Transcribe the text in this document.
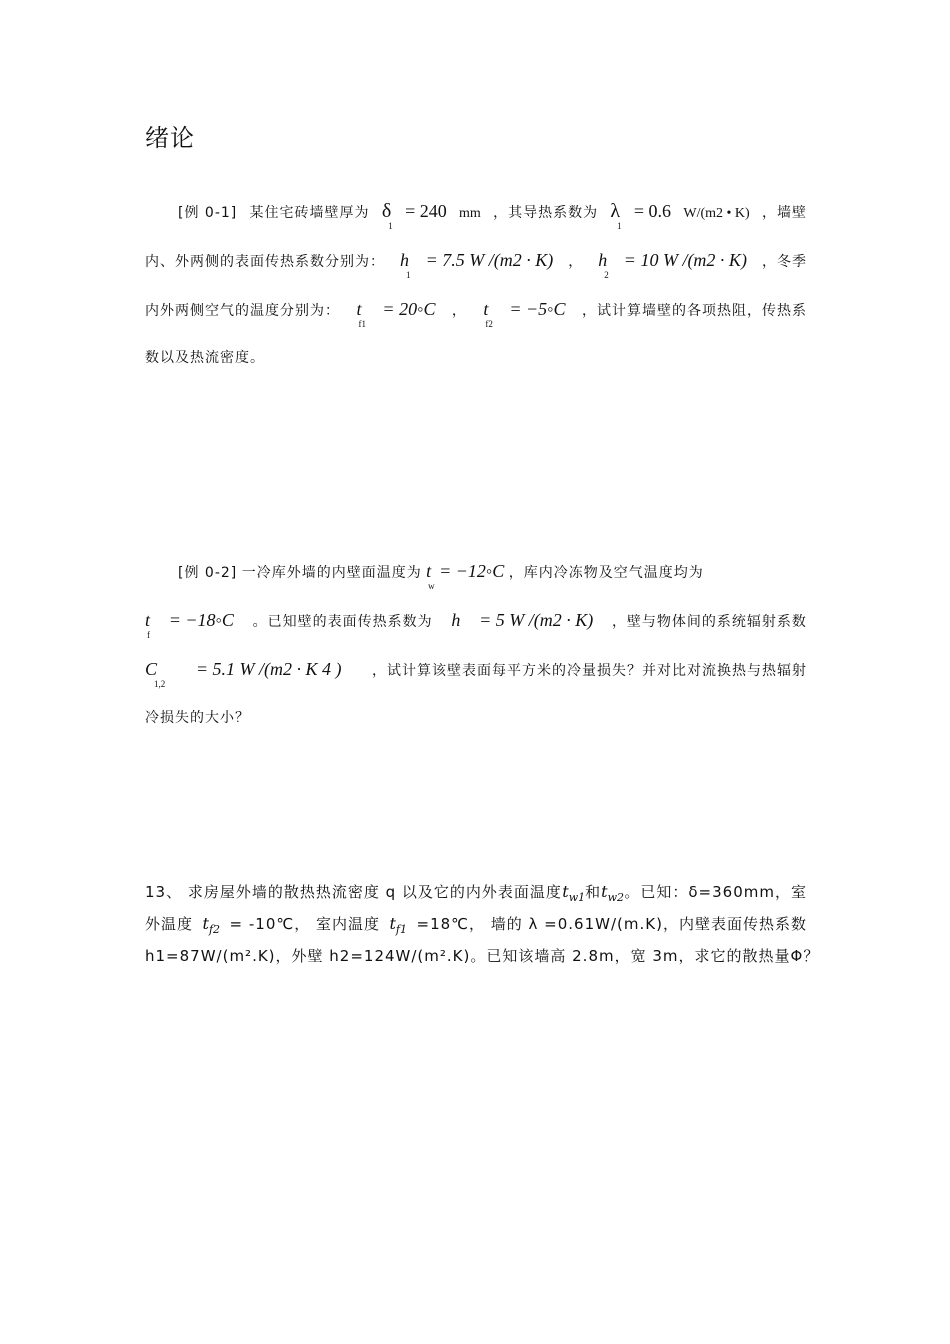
绪论
[例 0-1] 某住宅砖墙壁厚为 $\delta_1$
= 240 mm ，其导热系数为 $\lambda_1$
= 0.6 W/(m2 • K) ，墙壁
内、外两侧的表面传热系数分别为： $h_1$
= 7.5 W /(m2 · K) ， $h_2$
= 10 W /(m2 · K) ，冬季
内外两侧空气的温度分别为： $t_{f1}$
= 20◦C ， $t_{f2}$
= −5◦C ，试计算墙壁的各项热阻，传热系
数以及热流密度。
[例 0-2] 一冷库外墙的内壁面温度为 $t_w$ = −12◦C ，库内冷冻物及空气温度均为
$t_f$
= −18◦C 。已知壁的表面传热系数为 h = 5 W /(m2 · K) ，壁与物体间的系统辐射系数
$C_{1,2}$
= 5.1 W /(m2 · K 4 ) ，试计算该壁表面每平方米的冷量损失？并对比对流换热与热辐射
冷损失的大小？
13、 求房屋外墙的散热热流密度 q 以及它的内外表面温度 $t_{w1}$和$t_{w2}$ 。已知：δ=360mm，室
外温度 $t_{f2}$ = -10℃， 室内温度 $t_{f1}$ =18℃， 墙的 λ =0.61W/(m.K)，内壁表面传热系数
h1=87W/(m².K)，外壁 h2=124W/(m².K)。已知该墙高 2.8m，宽 3m，求它的散热量Φ？
